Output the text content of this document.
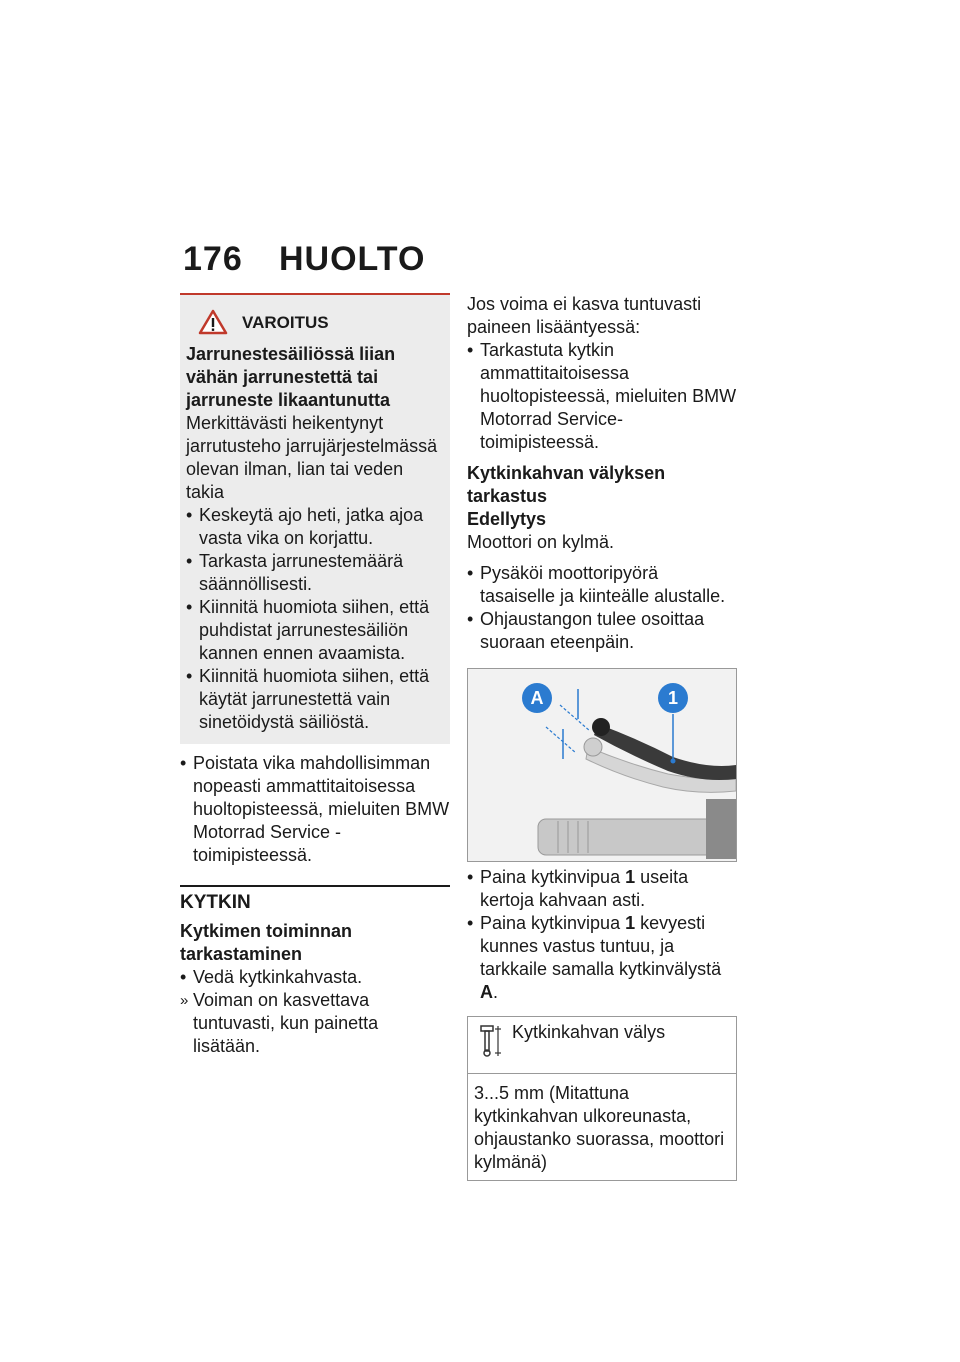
176 HUOLTO
VAROITUS

Jarrunestesäiliössä liian vähän jarrunestettä tai jarruneste likaantunutta

Merkittävästi heikentynyt jarrutusteho jarrujärjestelmässä olevan ilman, lian tai veden takia

• Keskeytä ajo heti, jatka ajoa vasta vika on korjattu.
• Tarkasta jarrunestemäärä säännöllisesti.
• Kiinnitä huomiota siihen, että puhdistat jarrunestesäiliön kannen ennen avaamista.
• Kiinnitä huomiota siihen, että käytät jarrunestettä vain sinetöidystä säiliöstä.
• Poistata vika mahdollisimman nopeasti ammattitaitoisessa huoltopisteessä, mieluiten BMW Motorrad Service -toimipisteessä.
KYTKIN

Kytkimen toiminnan tarkastaminen

• Vedä kytkinkahvasta.
» Voiman on kasvettava tuntuvasti, kun painetta lisätään.

Jos voima ei kasva tuntuvasti paineen lisääntyessä:

• Tarkastuta kytkin ammattitaitoisessa huoltopisteessä, mieluiten BMW Motorrad Service-toimipisteessä.

Kytkinkahvan välyksen tarkastus

Edellytys

Moottori on kylmä.

• Pysäköi moottoripyörä tasaiselle ja kiinteälle alustalle.
• Ohjaustangon tulee osoittaa suoraan eteenpäin.
A	1
• Paina kytkinvipua 1 useita kertoja kahvaan asti.
• Paina kytkinvipua 1 kevyesti kunnes vastus tuntuu, ja tarkkaile samalla kytkinvälystä A.
Kytkinkahvan välys
3...5 mm (Mitattuna kytkinkahvan ulkoreunasta, ohjaustanko suorassa, moottori kylmänä)
